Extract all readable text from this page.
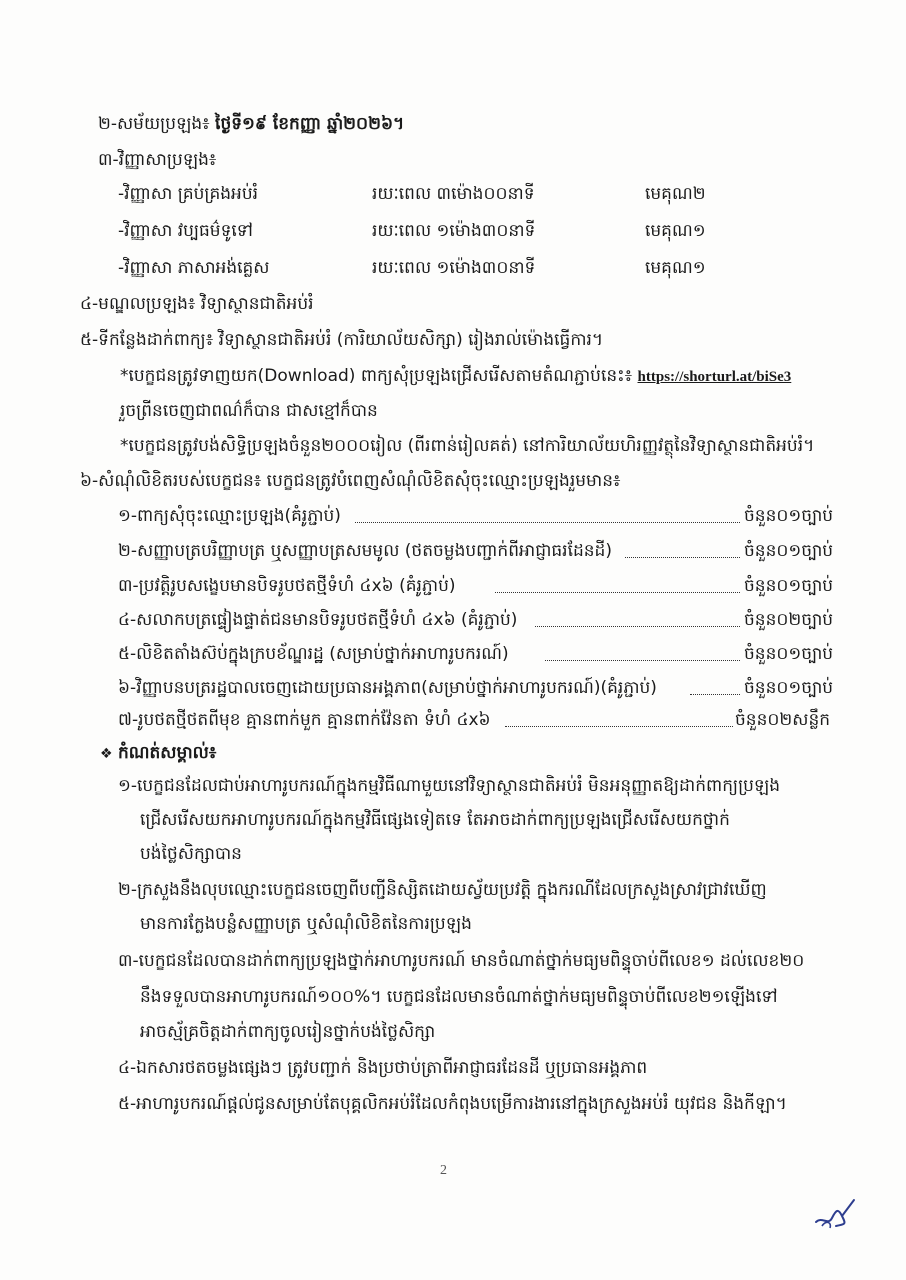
២-សម័យប្រឡង៖ ថ្ងៃទី១៩ ខែកញ្ញា ឆ្នាំ២០២៦។
៣-វិញ្ញាសាប្រឡង៖
-វិញ្ញាសា គ្រប់គ្រងអប់រំ	រយៈពេល ៣ម៉ោង០០នាទី	មេគុណ២
-វិញ្ញាសា វប្បធម៌ទូទៅ	រយៈពេល ១ម៉ោង៣០នាទី	មេគុណ១
-វិញ្ញាសា ភាសាអង់គ្លេស	រយៈពេល ១ម៉ោង៣០នាទី	មេគុណ១
៤-មណ្ឌលប្រឡង៖ វិទ្យាស្ថានជាតិអប់រំ
៥-ទីកន្លែងដាក់ពាក្យ៖ វិទ្យាស្ថានជាតិអប់រំ (ការិយាល័យសិក្សា) រៀងរាល់ម៉ោងធ្វើការ។
*បេក្ខជនត្រូវទាញយក(Download) ពាក្យសុំប្រឡងជ្រើសរើសតាមតំណភ្ជាប់នេះ៖ https://shorturl.at/biSe3
រួចព្រីនចេញជាពណ៌ក៏បាន ជាសខ្មៅក៏បាន
*បេក្ខជនត្រូវបង់សិទ្ធិប្រឡងចំនួន២០០០រៀល (ពីរពាន់រៀលគត់) នៅការិយាល័យហិរញ្ញវត្ថុនៃវិទ្យាស្ថានជាតិអប់រំ។
៦-សំណុំលិខិតរបស់បេក្ខជន៖ បេក្ខជនត្រូវបំពេញសំណុំលិខិតសុំចុះឈ្មោះប្រឡងរួមមាន៖
១-ពាក្យសុំចុះឈ្មោះប្រឡង(គំរូភ្ជាប់)	ចំនួន០១ច្បាប់
២-សញ្ញាបត្របរិញ្ញាបត្រ ឬសញ្ញាបត្រសមមូល (ថតចម្លងបញ្ជាក់ពីអាជ្ញាធរដែនដី)	ចំនួន០១ច្បាប់
៣-ប្រវត្តិរូបសង្ខេបមានបិទរូបថតថ្មីទំហំ ៤x៦ (គំរូភ្ជាប់)	ចំនួន០១ច្បាប់
៤-សលាកបត្រផ្ទៀងផ្ទាត់ជនមានបិទរូបថតថ្មីទំហំ ៤x៦ (គំរូភ្ជាប់)	ចំនួន០២ច្បាប់
៥-លិខិតតាំងស៊ប់ក្នុងក្របខ័ណ្ឌរដ្ឋ (សម្រាប់ថ្នាក់អាហារូបករណ៍)	ចំនួន០១ច្បាប់
៦-វិញ្ញាបនបត្ររដ្ឋបាលចេញដោយប្រធានអង្គភាព(សម្រាប់ថ្នាក់អាហារូបករណ៍)(គំរូភ្ជាប់)	ចំនួន០១ច្បាប់
៧-រូបថតថ្មីថតពីមុខ គ្មានពាក់មួក គ្មានពាក់វ៉ែនតា ទំហំ ៤x៦	ចំនួន០២សន្លឹក
❖ កំណត់សម្គាល់៖
១-បេក្ខជនដែលជាប់អាហារូបករណ៍ក្នុងកម្មវិធីណាមួយនៅវិទ្យាស្ថានជាតិអប់រំ មិនអនុញ្ញាតឱ្យដាក់ពាក្យប្រឡង
ជ្រើសរើសយកអាហារូបករណ៍ក្នុងកម្មវិធីផ្សេងទៀតទេ តែអាចដាក់ពាក្យប្រឡងជ្រើសរើសយកថ្នាក់
បង់ថ្លៃសិក្សាបាន
២-ក្រសួងនឹងលុបឈ្មោះបេក្ខជនចេញពីបញ្ជីនិស្សិតដោយស្វ័យប្រវត្តិ ក្នុងករណីដែលក្រសួងស្រាវជ្រាវឃើញ
មានការក្លែងបន្លំសញ្ញាបត្រ ឬសំណុំលិខិតនៃការប្រឡង
៣-បេក្ខជនដែលបានដាក់ពាក្យប្រឡងថ្នាក់អាហារូបករណ៍ មានចំណាត់ថ្នាក់មធ្យមពិន្ទុចាប់ពីលេខ១ ដល់លេខ២០
នឹងទទួលបានអាហារូបករណ៍១០០%។ បេក្ខជនដែលមានចំណាត់ថ្នាក់មធ្យមពិន្ទុចាប់ពីលេខ២១ឡើងទៅ
អាចស្ម័គ្រចិត្តដាក់ពាក្យចូលរៀនថ្នាក់បង់ថ្លៃសិក្សា
៤-ឯកសារថតចម្លងផ្សេងៗ ត្រូវបញ្ជាក់ និងប្រថាប់ត្រាពីអាជ្ញាធរដែនដី ឬប្រធានអង្គភាព
៥-អាហារូបករណ៍ផ្តល់ជូនសម្រាប់តែបុគ្គលិកអប់រំដែលកំពុងបម្រើការងារនៅក្នុងក្រសួងអប់រំ យុវជន និងកីឡា។
2
